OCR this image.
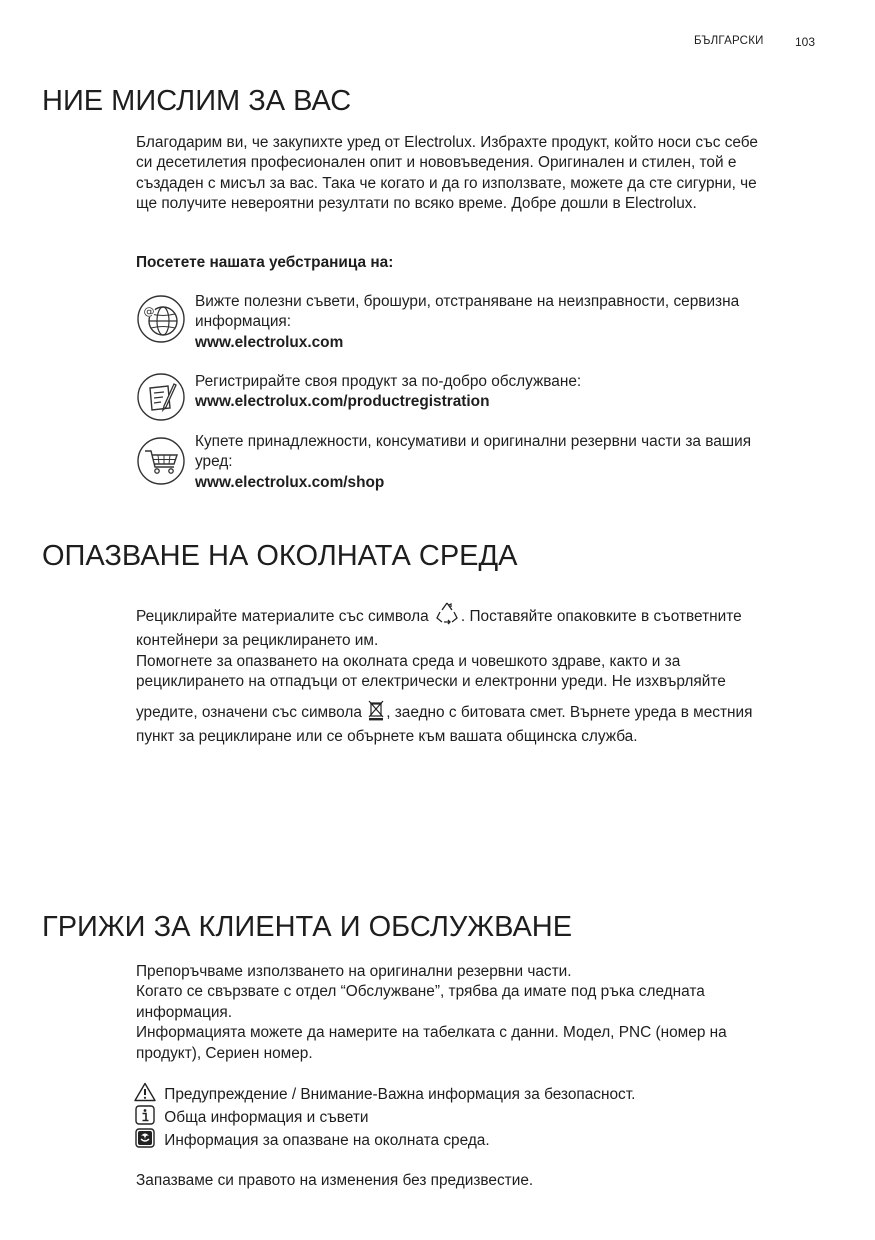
БЪЛГАРСКИ	103
НИЕ МИСЛИМ ЗА ВАС
Благодарим ви, че закупихте уред от Electrolux. Избрахте продукт, който носи със себе
си десетилетия професионален опит и нововъведения. Оригинален и стилен, той е
създаден с мисъл за вас. Така че когато и да го използвате, можете да сте сигурни, че
ще получите невероятни резултати по всяко време. Добре дошли в Electrolux.
Посетете нашата уебстраница на:
@
Вижте полезни съвети, брошури, отстраняване на неизправности, сервизна
информация:
www.electrolux.com
Регистрирайте своя продукт за по-добро обслужване:
www.electrolux.com/productregistration
Купете принадлежности, консумативи и оригинални резервни части за вашия
уред:
www.electrolux.com/shop
ОПАЗВАНЕ НА ОКОЛНАТА СРЕДА
Рециклирайте материалите със символа . Поставяйте опаковките в съответните
контейнери за рециклирането им.
Помогнете за опазването на околната среда и човешкото здраве, както и за
рециклирането на отпадъци от електрически и електронни уреди. Не изхвърляйте
уредите, означени със символа , заедно с битовата смет. Върнете уреда в местния
пункт за рециклиране или се обърнете към вашата общинска служба.
ГРИЖИ ЗА КЛИЕНТА И ОБСЛУЖВАНЕ
Препоръчваме използването на оригинални резервни части.
Когато се свързвате с отдел “Обслужване”, трябва да имате под ръка следната
информация.
Информацията можете да намерите на табелката с данни. Модел, PNC (номер на
продукт), Сериен номер.
Предупреждение / Внимание-Важна информация за безопасност.
Обща информация и съвети
Информация за опазване на околната среда.
Запазваме си правото на изменения без предизвестие.
